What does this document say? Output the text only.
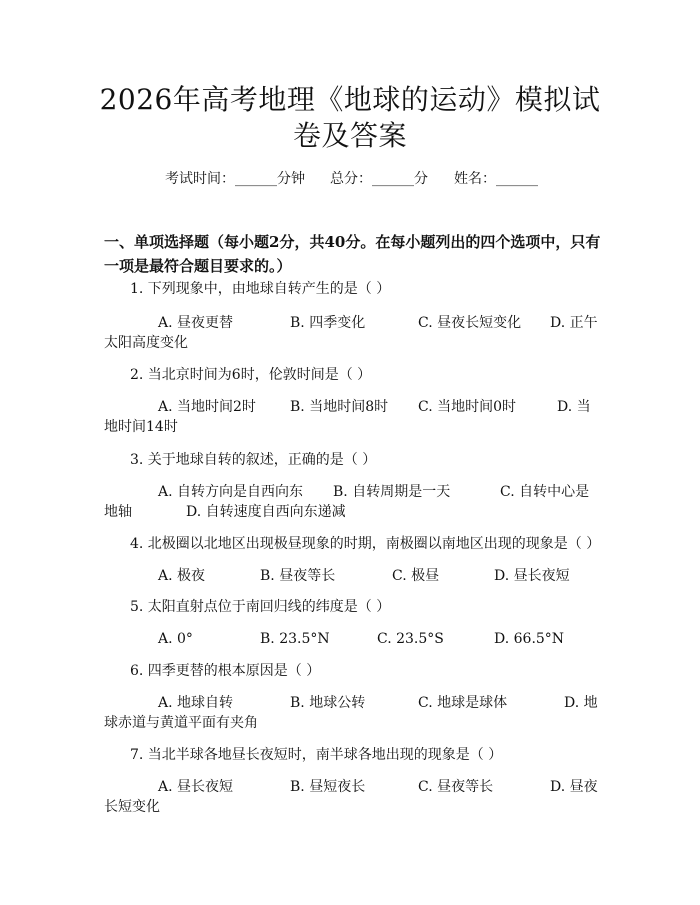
2026年高考地理《地球的运动》模拟试卷及答案
考试时间：______分钟 总分：______分 姓名：______

一、单项选择题（每小题2分，共40分。在每小题列出的四个选项中，只有一项是最符合题目要求的。）

1. 下列现象中，由地球自转产生的是（ ）
A. 昼夜更替	B. 四季变化	C. 昼夜长短变化 D. 正午
太阳高度变化
2. 当北京时间为6时，伦敦时间是（ ）
A. 当地时间2时 B. 当地时间8时 C. 当地时间0时	D. 当
地时间14时
3. 关于地球自转的叙述，正确的是（ ）
A. 自转方向是自西向东 B. 自转周期是一天	C. 自转中心是
地轴	D. 自转速度自西向东递减
4. 北极圈以北地区出现极昼现象的时期，南极圈以南地区出现的现象是（ ）
A. 极夜	B. 昼夜等长	C. 极昼	D. 昼长夜短
5. 太阳直射点位于南回归线的纬度是（ ）
A. 0°	B. 23.5°N	C. 23.5°S	D. 66.5°N
6. 四季更替的根本原因是（ ）
A. 地球自转	B. 地球公转	C. 地球是球体	D. 地
球赤道与黄道平面有夹角
7. 当北半球各地昼长夜短时，南半球各地出现的现象是（ ）
A. 昼长夜短	B. 昼短夜长	C. 昼夜等长	D. 昼夜
长短变化
